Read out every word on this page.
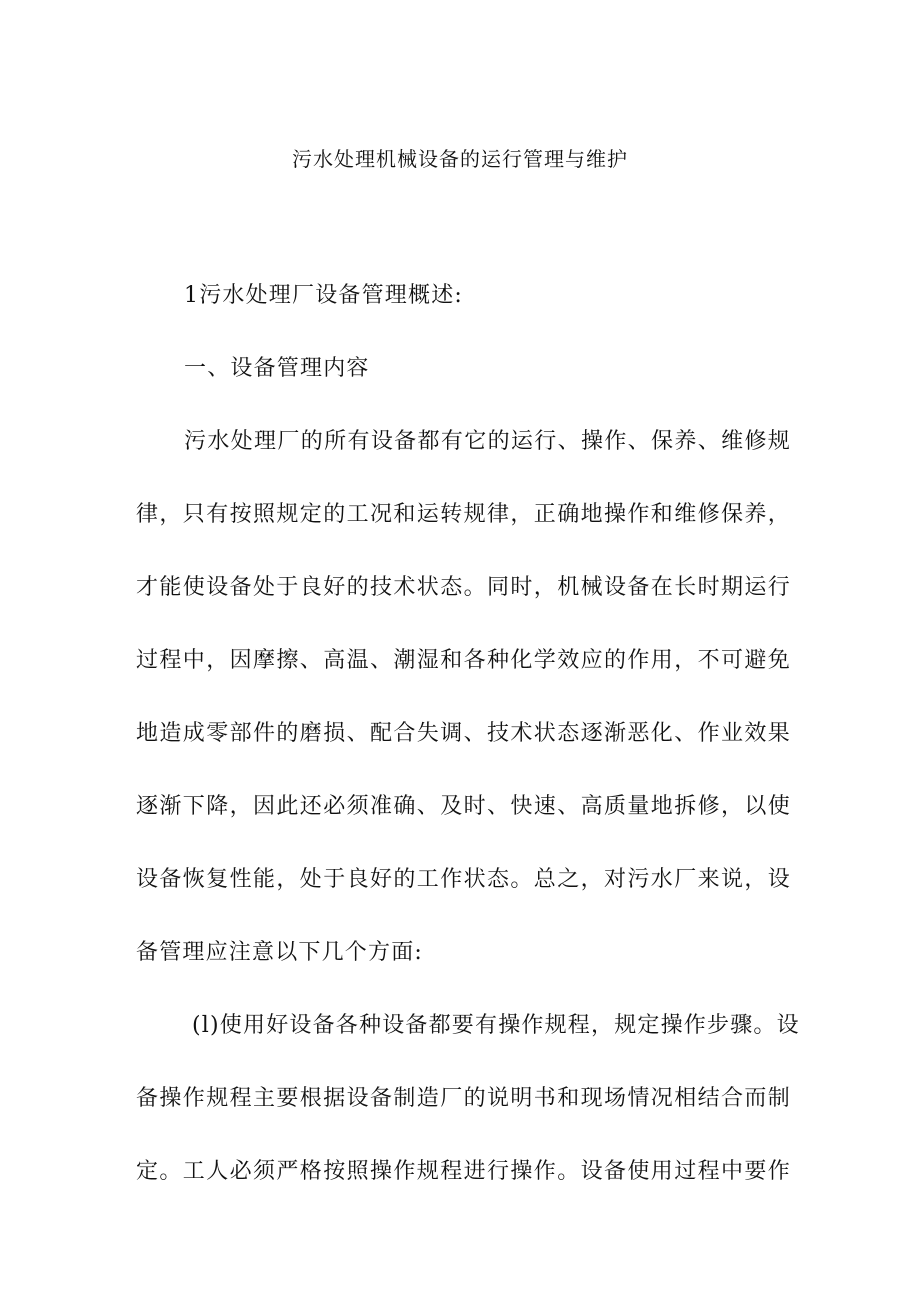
污水处理机械设备的运行管理与维护
1污水处理厂设备管理概述:
一、设备管理内容
污水处理厂的所有设备都有它的运行、操作、保养、维修规
律，只有按照规定的工况和运转规律，正确地操作和维修保养，
才能使设备处于良好的技术状态。同时，机械设备在长时期运行
过程中，因摩擦、高温、潮湿和各种化学效应的作用，不可避免
地造成零部件的磨损、配合失调、技术状态逐渐恶化、作业效果
逐渐下降，因此还必须准确、及时、快速、高质量地拆修，以使
设备恢复性能，处于良好的工作状态。总之，对污水厂来说，设
备管理应注意以下几个方面:
(l)使用好设备各种设备都要有操作规程，规定操作步骤。设
备操作规程主要根据设备制造厂的说明书和现场情况相结合而制
定。工人必须严格按照操作规程进行操作。设备使用过程中要作
